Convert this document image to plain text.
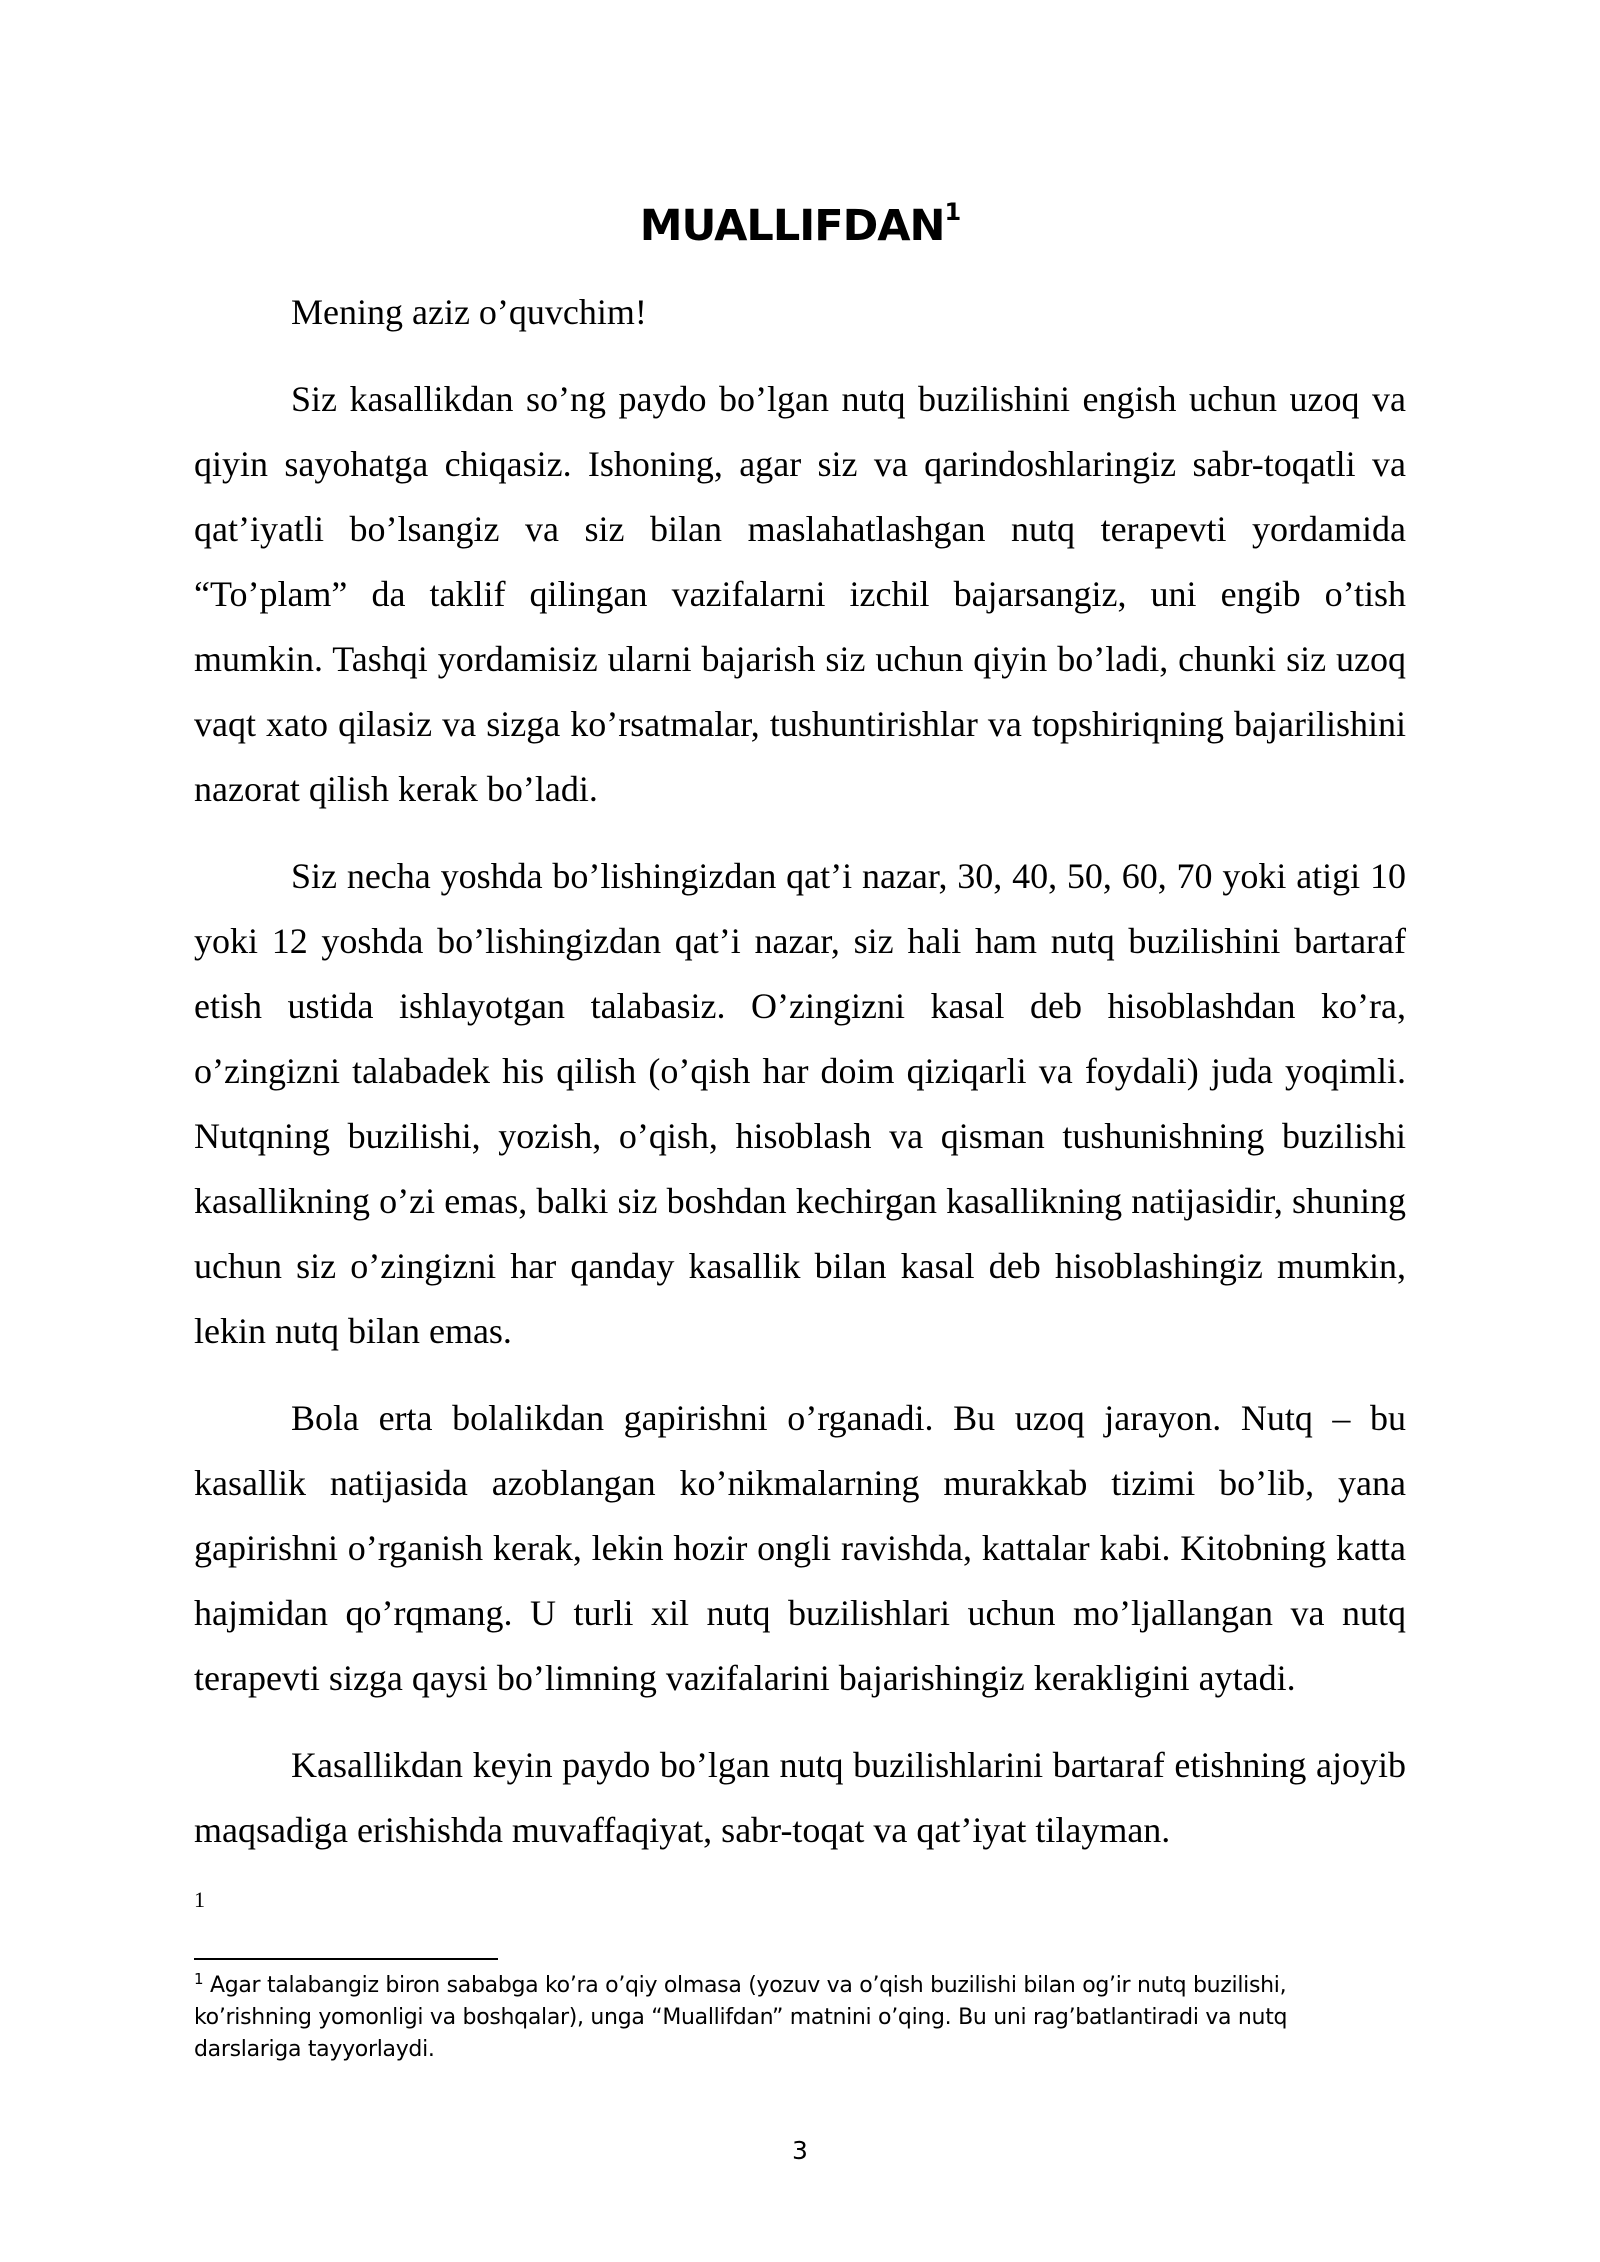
MUALLIFDAN$^1$

Mening aziz o’quvchim!

Siz kasallikdan so’ng paydo bo’lgan nutq buzilishini engish uchun uzoq va qiyin sayohatga chiqasiz. Ishoning, agar siz va qarindoshlaringiz sabr-toqatli va qat’iyatli bo’lsangiz va siz bilan maslahatlashgan nutq terapevti yordamida “To’plam” da taklif qilingan vazifalarni izchil bajarsangiz, uni engib o’tish mumkin. Tashqi yordamisiz ularni bajarish siz uchun qiyin bo’ladi, chunki siz uzoq vaqt xato qilasiz va sizga ko’rsatmalar, tushuntirishlar va topshiriqning bajarilishini nazorat qilish kerak bo’ladi.

Siz necha yoshda bo’lishingizdan qat’i nazar, 30, 40, 50, 60, 70 yoki atigi 10 yoki 12 yoshda bo’lishingizdan qat’i nazar, siz hali ham nutq buzilishini bartaraf etish ustida ishlayotgan talabasiz. O’zingizni kasal deb hisoblashdan ko’ra, o’zingizni talabadek his qilish (o’qish har doim qiziqarli va foydali) juda yoqimli. Nutqning buzilishi, yozish, o’qish, hisoblash va qisman tushunishning buzilishi kasallikning o’zi emas, balki siz boshdan kechirgan kasallikning natijasidir, shuning uchun siz o’zingizni har qanday kasallik bilan kasal deb hisoblashingiz mumkin, lekin nutq bilan emas.

Bola erta bolalikdan gapirishni o’rganadi. Bu uzoq jarayon. Nutq – bu kasallik natijasida azoblangan ko’nikmalarning murakkab tizimi bo’lib, yana gapirishni o’rganish kerak, lekin hozir ongli ravishda, kattalar kabi. Kitobning katta hajmidan qo’rqmang. U turli xil nutq buzilishlari uchun mo’ljallangan va nutq terapevti sizga qaysi bo’limning vazifalarini bajarishingiz kerakligini aytadi.

Kasallikdan keyin paydo bo’lgan nutq buzilishlarini bartaraf etishning ajoyib maqsadiga erishishda muvaffaqiyat, sabr-toqat va qat’iyat tilayman.

1
$^1$ Agar talabangiz biron sababga ko’ra o’qiy olmasa (yozuv va o’qish buzilishi bilan og’ir nutq buzilishi, ko’rishning yomonligi va boshqalar), unga “Muallifdan” matnini o’qing. Bu uni rag’batlantiradi va nutq darslariga tayyorlaydi.
3
